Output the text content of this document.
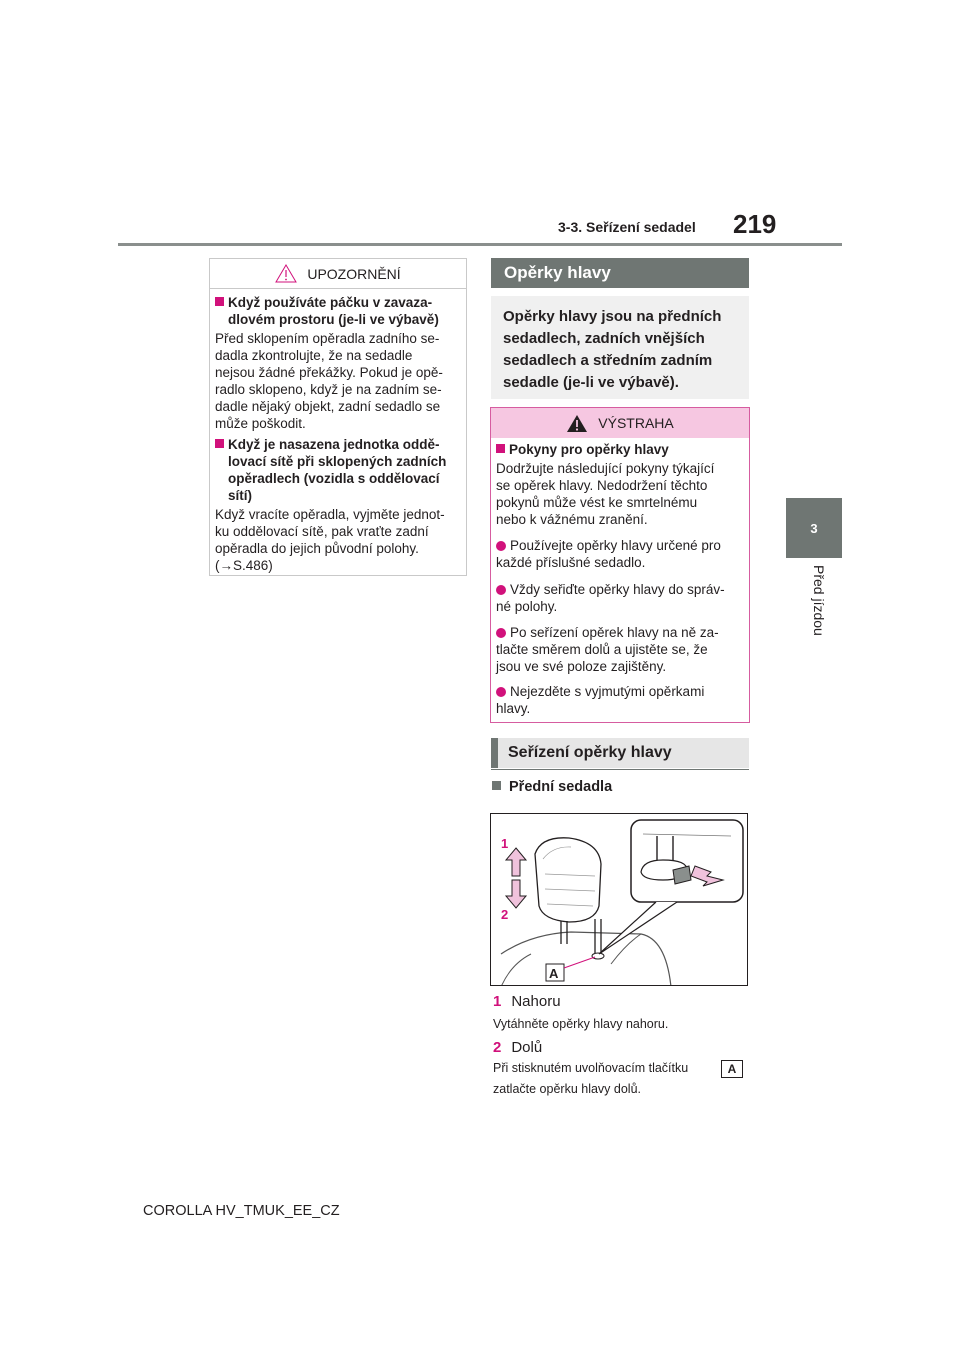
3-3. Seřízení sedadel 219
3
Před jízdou
UPOZORNĚNÍ
Když používáte páčku v zavaza-
dlovém prostoru (je-li ve výbavě)
Před sklopením opěradla zadního se-
dadla zkontrolujte, že na sedadle
nejsou žádné překážky. Pokud je opě-
radlo sklopeno, když je na zadním se-
dadle nějaký objekt, zadní sedadlo se
může poškodit.
Když je nasazena jednotka oddě-
lovací sítě při sklopených zadních
opěradlech (vozidla s oddělovací
sítí)
Když vracíte opěradla, vyjměte jednot-
ku oddělovací sítě, pak vraťte zadní
opěradla do jejich původní polohy.
(→S.486)
Opěrky hlavy
Opěrky hlavy jsou na předních
sedadlech, zadních vnějších
sedadlech a středním zadním
sedadle (je-li ve výbavě).
VÝSTRAHA
Pokyny pro opěrky hlavy
Dodržujte následující pokyny týkající
se opěrek hlavy. Nedodržení těchto
pokynů může vést ke smrtelnému
nebo k vážnému zranění.
Používejte opěrky hlavy určené pro
každé příslušné sedadlo.
Vždy seřiďte opěrky hlavy do správ-
né polohy.
Po seřízení opěrek hlavy na ně za-
tlačte směrem dolů a ujistěte se, že
jsou ve své poloze zajištěny.
Nejezděte s vyjmutými opěrkami
hlavy.
Seřízení opěrky hlavy
Přední sedadla
1
2
A
1 Nahoru
Vytáhněte opěrky hlavy nahoru.
2 Dolů
Při stisknutém uvolňovacím tlačítku	A
zatlačte opěrku hlavy dolů.
COROLLA HV_TMUK_EE_CZ
